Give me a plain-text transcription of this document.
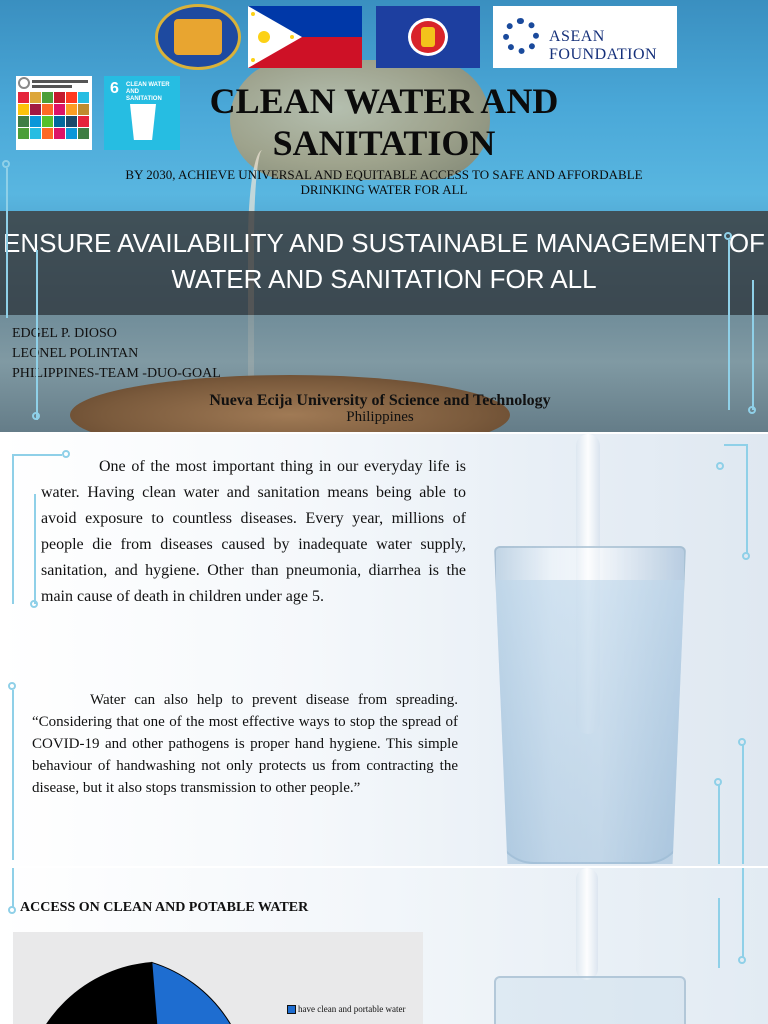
ASEAN FOUNDATION
6 CLEAN WATER AND SANITATION	CLEAN WATER AND SANITATION
BY 2030, ACHIEVE UNIVERSAL AND EQUITABLE ACCESS TO SAFE AND AFFORDABLE DRINKING WATER FOR ALL
ENSURE AVAILABILITY AND SUSTAINABLE MANAGEMENT OF WATER AND SANITATION FOR ALL
EDGEL P. DIOSO
LEONEL POLINTAN
PHILIPPINES-TEAM -DUO-GOAL
Nueva Ecija University of Science and Technology
Philippines

One of the most important thing in our everyday life is water. Having clean water and sanitation means being able to avoid exposure to countless diseases. Every year, millions of people die from diseases caused by inadequate water supply, sanitation, and hygiene. Other than pneumonia, diarrhea is the main cause of death in children under age 5.

Water can also help to prevent disease from spreading. “Considering that one of the most effective ways to stop the spread of COVID-19 and other pathogens is proper hand hygiene. This simple behaviour of handwashing not only protects us from contracting the disease, but it also stops transmission to other people.”

ACCESS ON CLEAN AND POTABLE WATER
have clean and portable water
